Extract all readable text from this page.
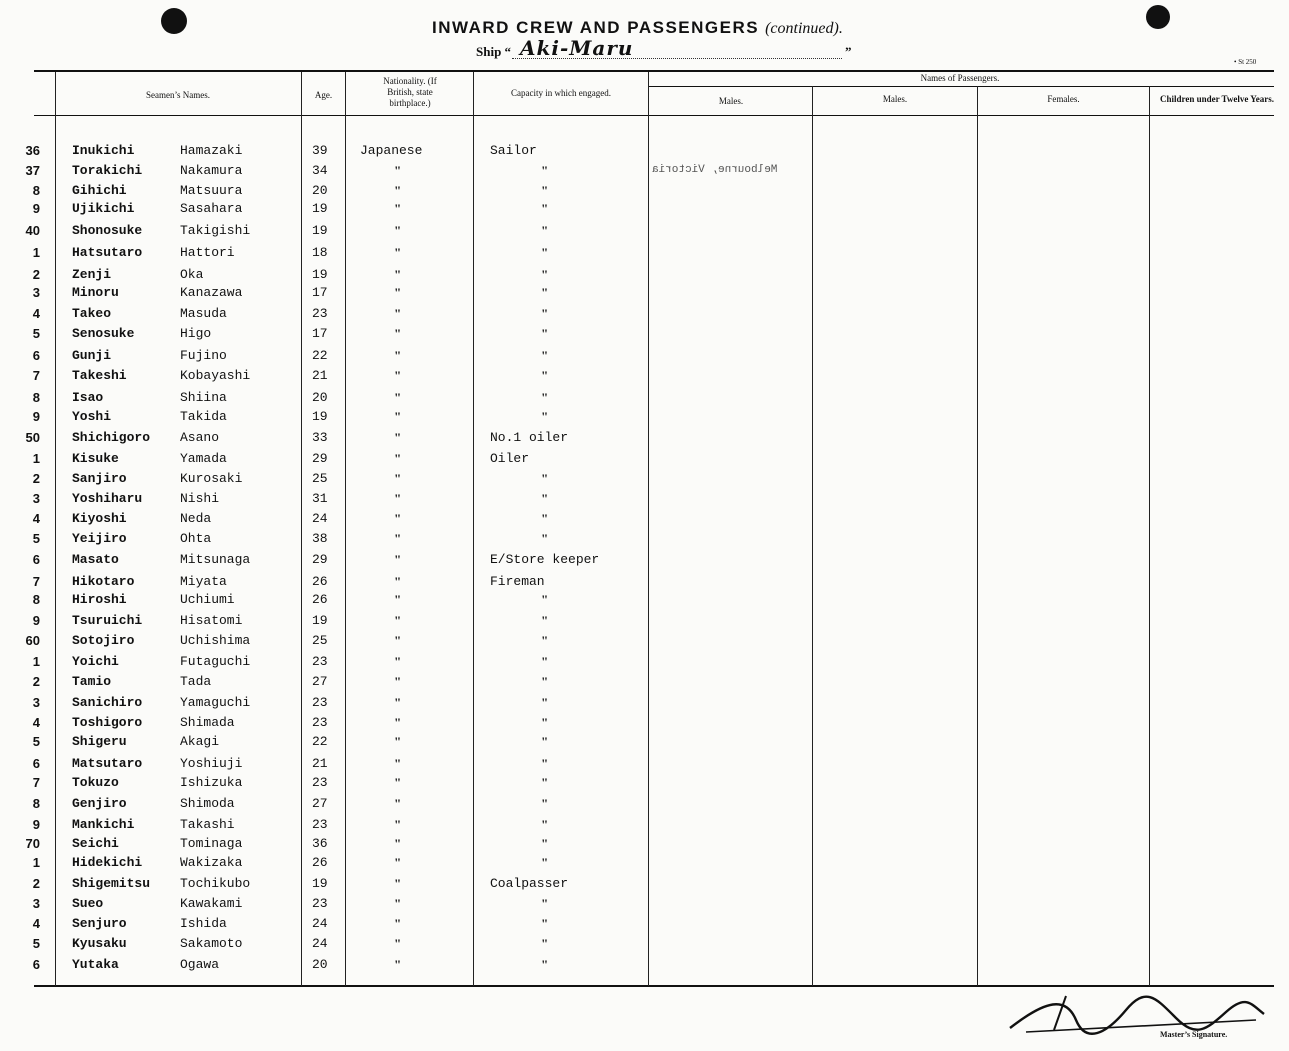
INWARD CREW AND PASSENGERS (continued).
Ship “ Aki-Maru	”
• St 250
Seamen’s Names.	Age.
Nationality. (If British, state birthplace.)
Capacity in which engaged.
Names of Passengers.
Males.	Males.	Females.	Children under Twelve Years.
Melbourne, Victoria
36 Inukichi	Hamazaki	39 Japanese	Sailor
37 Torakichi	Nakamura	34	"	"
8 Gihichi	Matsuura	20	"	"
9 Ujikichi	Sasahara	19	"	"
40 Shonosuke	Takigishi	19	"	"
1 Hatsutaro	Hattori	18	"	"
2 Zenji	Oka	19	"	"
3 Minoru	Kanazawa	17	"	"
4 Takeo	Masuda	23	"	"
5 Senosuke	Higo	17	"	"
6 Gunji	Fujino	22	"	"
7 Takeshi	Kobayashi	21	"	"
8 Isao	Shiina	20	"	"
9 Yoshi	Takida	19	"	"
50 Shichigoro Asano	33	"	No.1 oiler
1 Kisuke	Yamada	29	"	Oiler
2 Sanjiro	Kurosaki	25	"	"
3 Yoshiharu	Nishi	31	"	"
4 Kiyoshi	Neda	24	"	"
5 Yeijiro	Ohta	38	"	"
6 Masato	Mitsunaga	29	"	E/Store keeper
7 Hikotaro	Miyata	26	"	Fireman
8 Hiroshi	Uchiumi	26	"	"
9 Tsuruichi	Hisatomi	19	"	"
60 Sotojiro	Uchishima	25	"	"
1 Yoichi	Futaguchi	23	"	"
2 Tamio	Tada	27	"	"
3 Sanichiro	Yamaguchi	23	"	"
4 Toshigoro	Shimada	23	"	"
5 Shigeru	Akagi	22	"	"
6 Matsutaro	Yoshiuji	21	"	"
7 Tokuzo	Ishizuka	23	"	"
8 Genjiro	Shimoda	27	"	"
9 Mankichi	Takashi	23	"	"
70 Seichi	Tominaga	36	"	"
1 Hidekichi	Wakizaka	26	"	"
2 Shigemitsu Tochikubo	19	"	Coalpasser
3 Sueo	Kawakami	23	"	"
4 Senjuro	Ishida	24	"	"
5 Kyusaku	Sakamoto	24	"	"
6 Yutaka	Ogawa	20	"	"
Master’s Signature.
